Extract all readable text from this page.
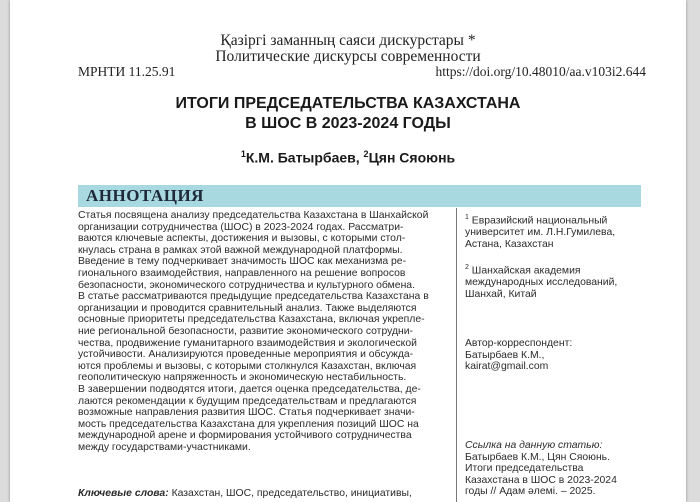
Қазіргі заманның саяси дискурстары *
Политические дискурсы современности
МРНТИ 11.25.91	https://doi.org/10.48010/aa.v103i2.644
ИТОГИ ПРЕДСЕДАТЕЛЬСТВА КАЗАХСТАНА
В ШОС В 2023-2024 ГОДЫ
$^1$К.М. Батырбаев, $^2$Цян Сяоюнь
АННОТАЦИЯ
Статья посвящена анализу председательства Казахстана в Шанхайской
организации сотрудничества (ШОС) в 2023-2024 годах. Рассматри-
ваются ключевые аспекты, достижения и вызовы, с которыми стол-
кнулась страна в рамках этой важной международной платформы.
Введение в тему подчеркивает значимость ШОС как механизма ре-
гионального взаимодействия, направленного на решение вопросов
безопасности, экономического сотрудничества и культурного обмена.
В статье рассматриваются предыдущие председательства Казахстана в
организации и проводится сравнительный анализ. Также выделяются
основные приоритеты председательства Казахстана, включая укрепле-
ние региональной безопасности, развитие экономического сотрудни-
чества, продвижение гуманитарного взаимодействия и экологической
устойчивости. Анализируются проведенные мероприятия и обсужда-
ются проблемы и вызовы, с которыми столкнулся Казахстан, включая
геополитическую напряженность и экономическую нестабильность.
В завершении подводятся итоги, дается оценка председательства, де-
лаются рекомендации к будущим председательствам и предлагаются
возможные направления развития ШОС. Статья подчеркивает значи-
мость председательства Казахстана для укрепления позиций ШОС на
международной арене и формирования устойчивого сотрудничества
между государствами-участниками.
$^1$ Евразийский национальный
университет им. Л.Н.Гумилева,
Астана, Казахстан
$^2$ Шанхайская академия
международных исследований,
Шанхай, Китай
Автор-корреспондент:
Батырбаев К.М.,
kairat@gmail.com
Ссылка на данную статью:
Батырбаев К.М., Цян Сяоюнь.
Итоги председательства
Казахстана в ШОС в 2023-2024
годы // Адам әлемі. – 2025.
Ключевые слова: Казахстан, ШОС, председательство, инициативы,
